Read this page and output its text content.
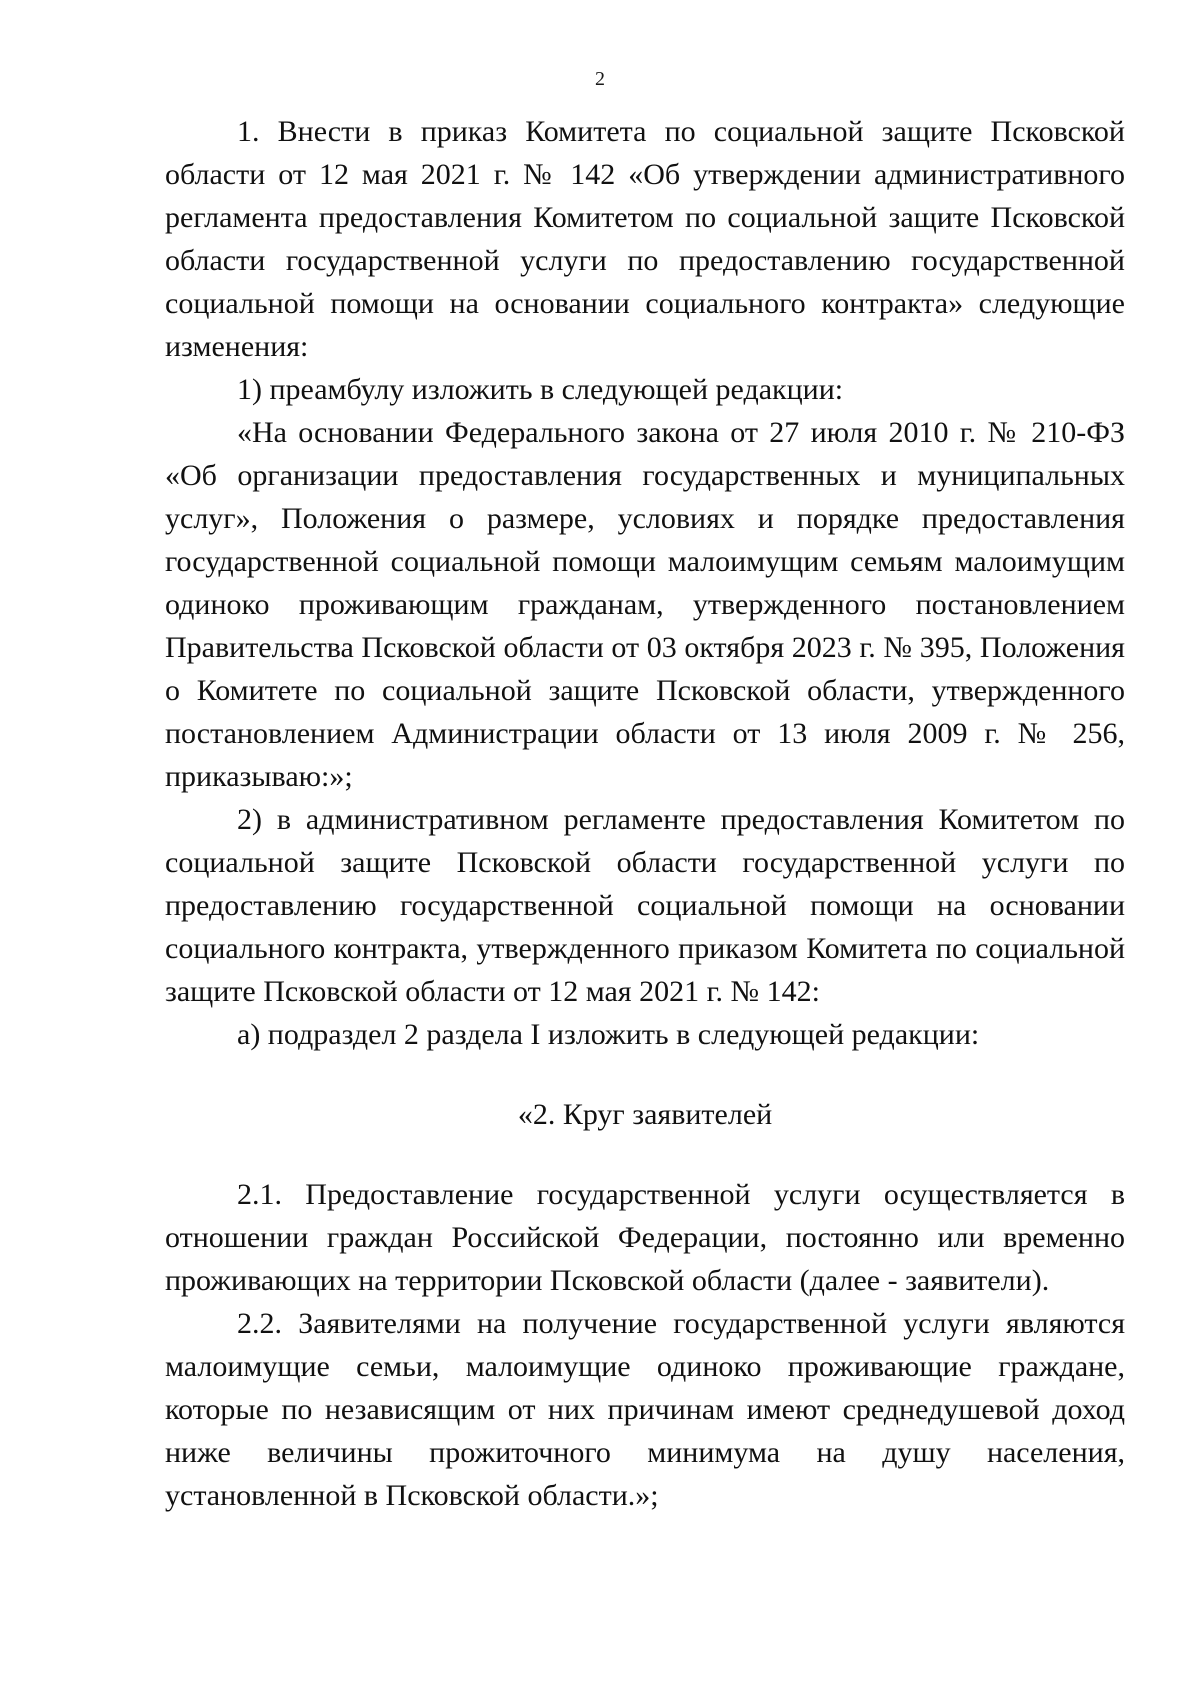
2

1. Внести в приказ Комитета по социальной защите Псковской области от 12 мая 2021 г. № 142 «Об утверждении административного регламента предоставления Комитетом по социальной защите Псковской области государственной услуги по предоставлению государственной социальной помощи на основании социального контракта» следующие изменения:

1) преамбулу изложить в следующей редакции:

«На основании Федерального закона от 27 июля 2010 г. № 210-ФЗ «Об организации предоставления государственных и муниципальных услуг», Положения о размере, условиях и порядке предоставления государственной социальной помощи малоимущим семьям малоимущим одиноко проживающим гражданам, утвержденного постановлением Правительства Псковской области от 03 октября 2023 г. № 395, Положения о Комитете по социальной защите Псковской области, утвержденного постановлением Администрации области от 13 июля 2009 г. № 256, приказываю:»;

2) в административном регламенте предоставления Комитетом по социальной защите Псковской области государственной услуги по предоставлению государственной социальной помощи на основании социального контракта, утвержденного приказом Комитета по социальной защите Псковской области от 12 мая 2021 г. № 142:

а) подраздел 2 раздела I изложить в следующей редакции:

«2. Круг заявителей

2.1. Предоставление государственной услуги осуществляется в отношении граждан Российской Федерации, постоянно или временно проживающих на территории Псковской области (далее - заявители).

2.2. Заявителями на получение государственной услуги являются малоимущие семьи, малоимущие одиноко проживающие граждане, которые по независящим от них причинам имеют среднедушевой доход ниже величины прожиточного минимума на душу населения, установленной в Псковской области.»;
